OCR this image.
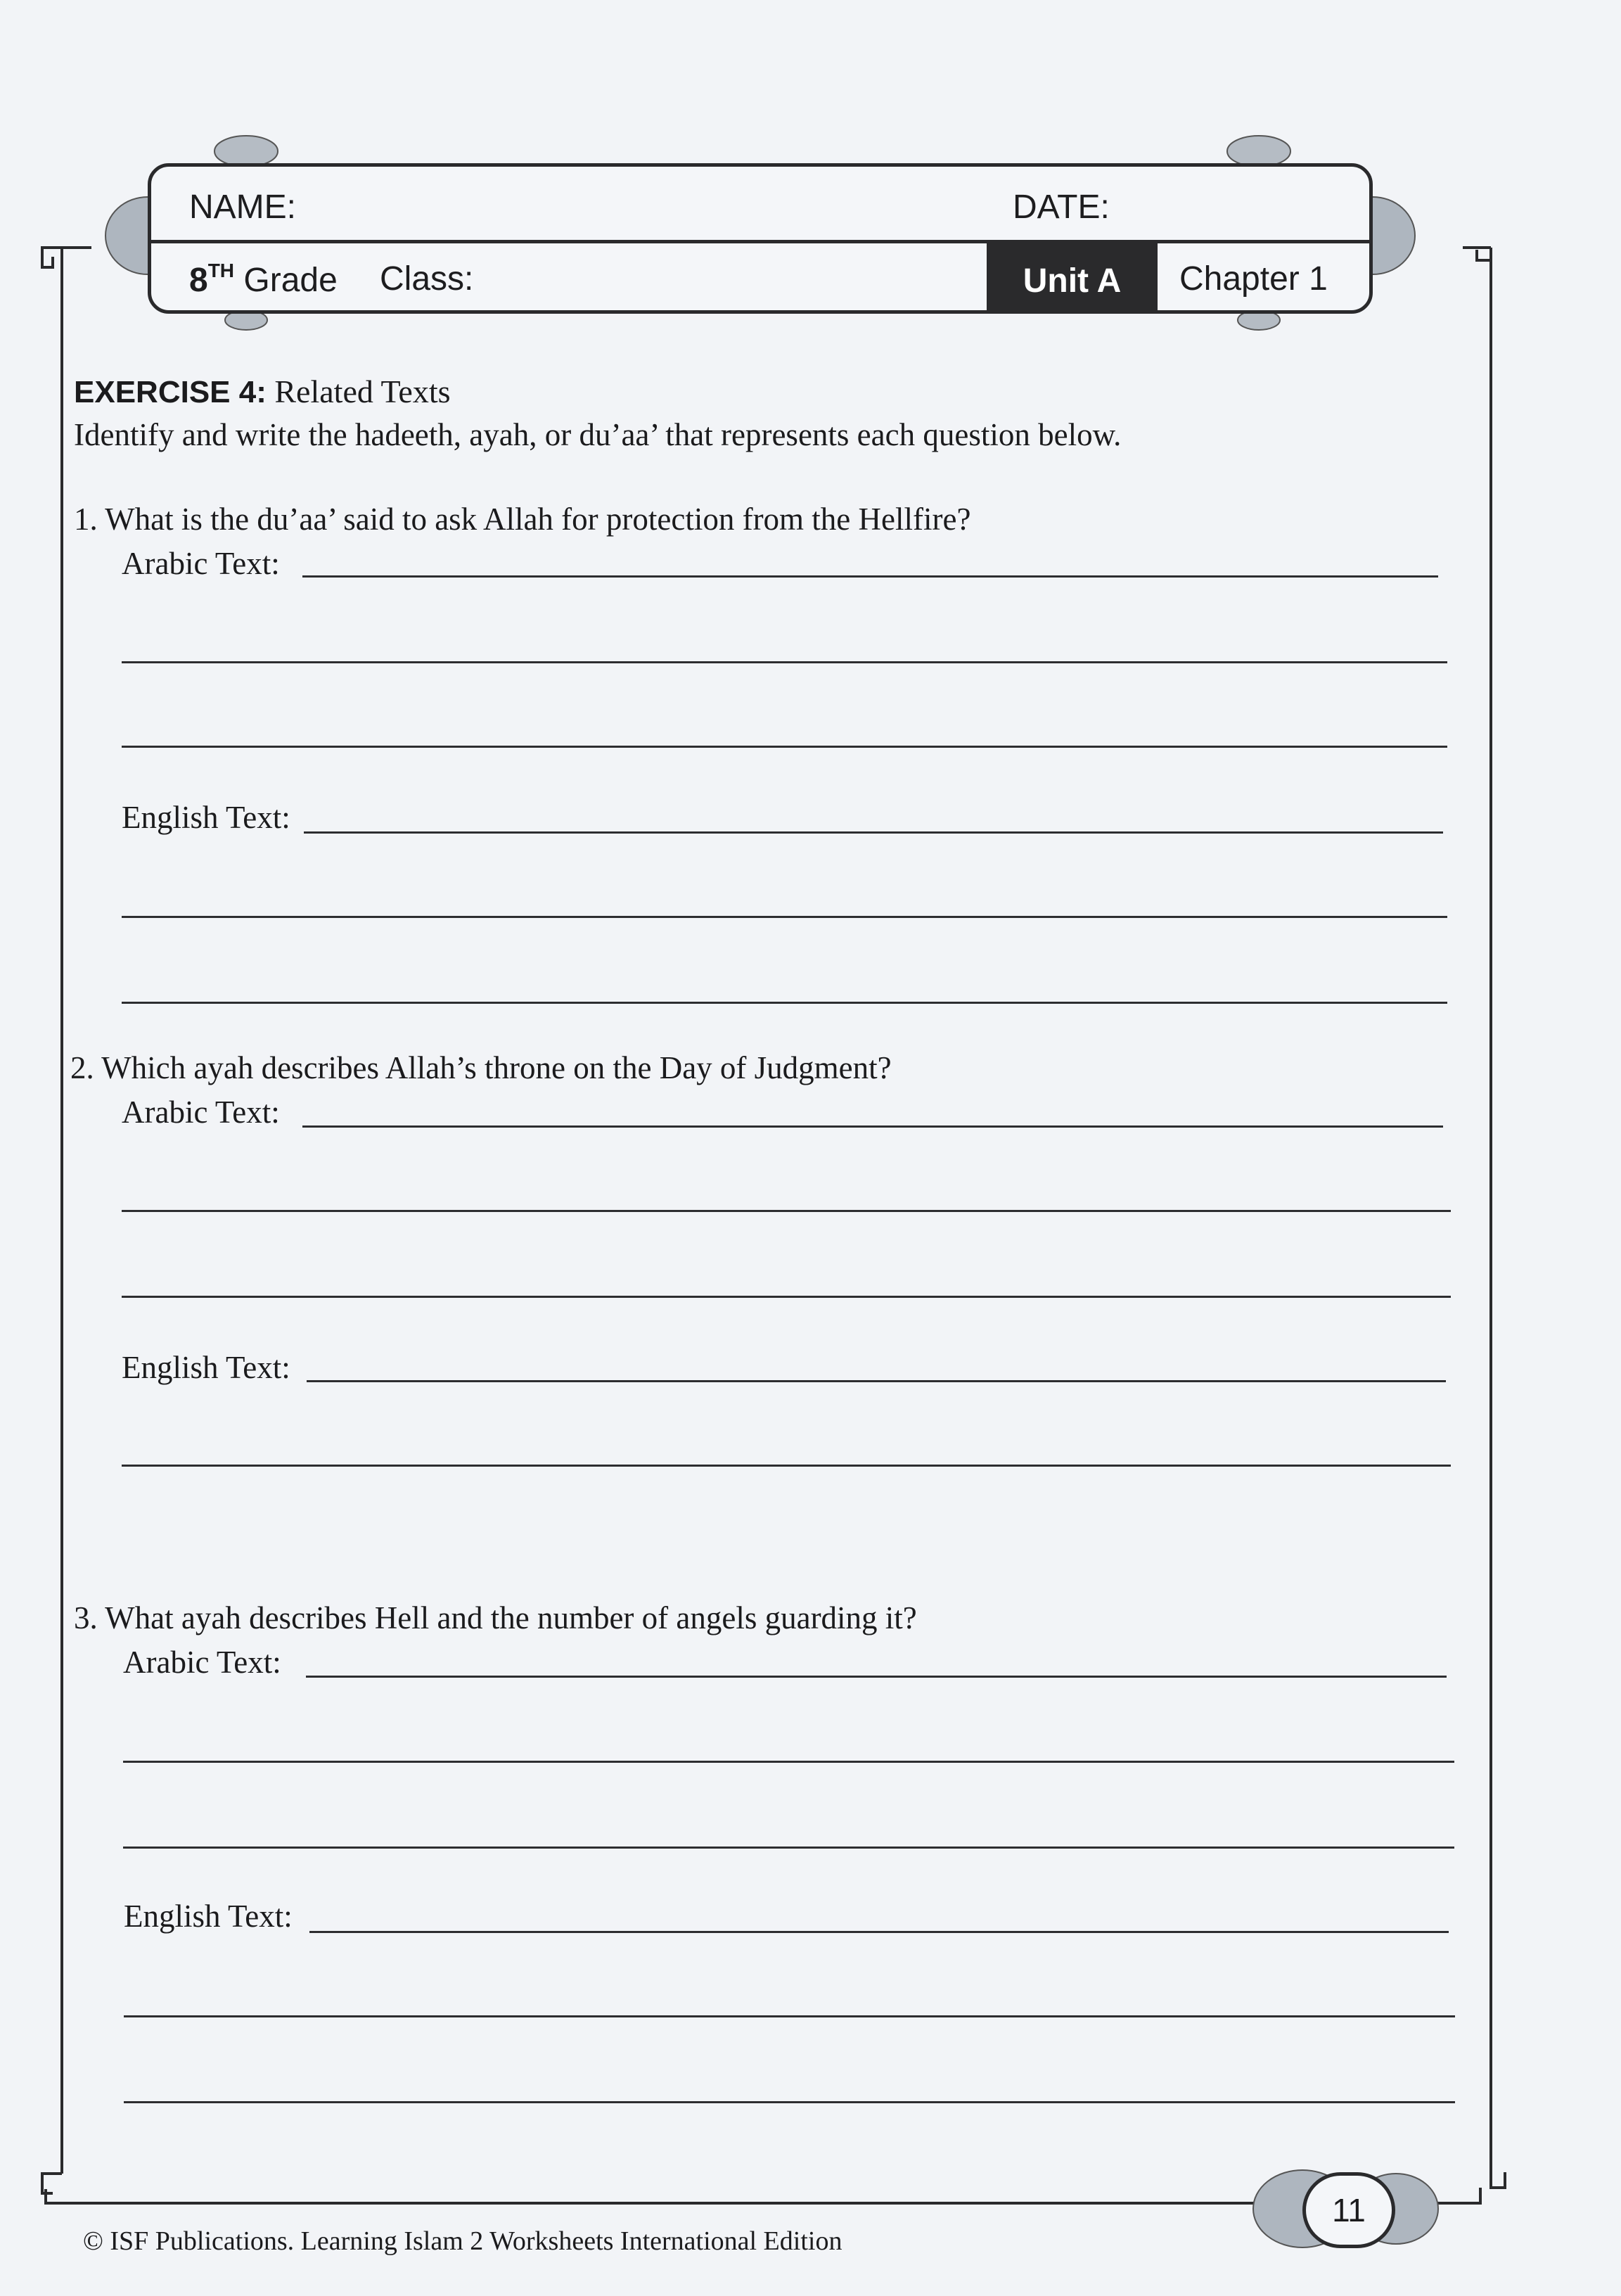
NAME:	DATE:
8TH Grade Class:	Unit A	Chapter 1
EXERCISE 4: Related Texts
Identify and write the hadeeth, ayah, or du’aa’ that represents each question below.
1. What is the du’aa’ said to ask Allah for protection from the Hellfire?
Arabic Text:
English Text:
2. Which ayah describes Allah’s throne on the Day of Judgment?
Arabic Text:
English Text:
3. What ayah describes Hell and the number of angels guarding it?
Arabic Text:
English Text:
11
© ISF Publications. Learning Islam 2 Worksheets International Edition
